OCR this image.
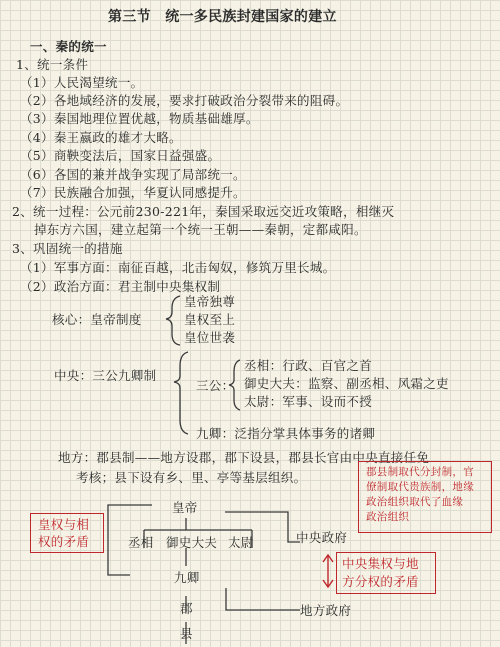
第三节　统一多民族封建国家的建立
一、秦的统一
1、统一条件
（1）人民渴望统一。
（2）各地域经济的发展，要求打破政治分裂带来的阻碍。
（3）秦国地理位置优越，物质基础雄厚。
（4）秦王嬴政的雄才大略。
（5）商鞅变法后，国家日益强盛。
（6）各国的兼并战争实现了局部统一。
（7）民族融合加强，华夏认同感提升。
2、统一过程：公元前230-221年，秦国采取远交近攻策略，相继灭
掉东方六国，建立起第一个统一王朝——秦朝，定都咸阳。
3、巩固统一的措施
（1）军事方面：南征百越，北击匈奴，修筑万里长城。
（2）政治方面：君主制中央集权制
核心：皇帝制度
皇帝独尊
皇权至上
皇位世袭
中央：三公九卿制
三公：
丞相：行政、百官之首
御史大夫：监察、副丞相、风霜之吏
太尉：军事、设而不授
九卿：泛指分掌具体事务的诸卿
地方：郡县制——地方设郡，郡下设县，郡县长官由中央直接任免
考核；县下设有乡、里、亭等基层组织。	郡县制取代分封制，官
僚制取代贵族制，地缘
政治组织取代了血缘
政治组织
皇帝
丞相 御史大夫 太尉
九卿
郡
县
中央政府
地方政府
皇权与相
权的矛盾
中央集权与地
方分权的矛盾
